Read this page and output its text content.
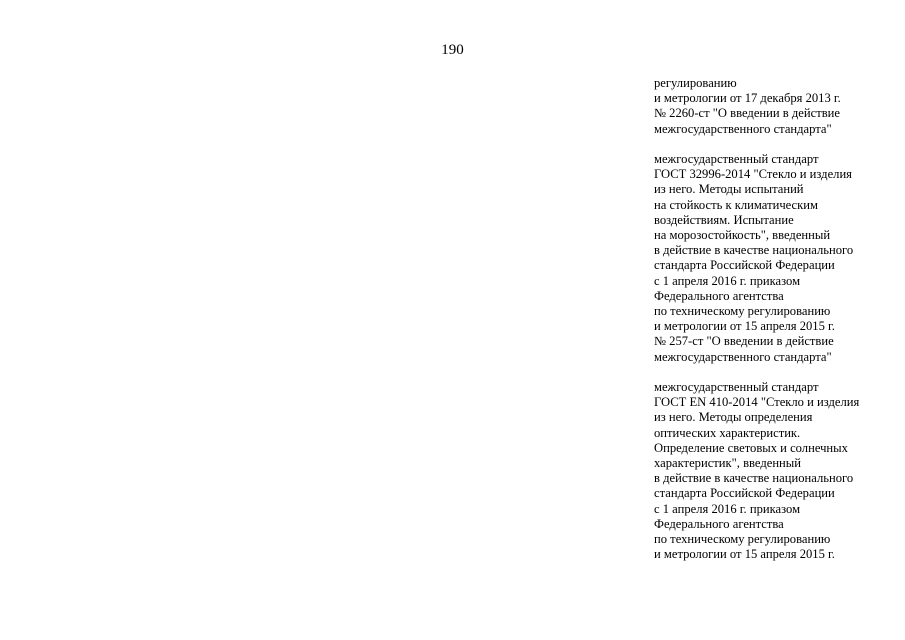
190

регулированию
и метрологии от 17 декабря 2013 г.
№ 2260-ст "О введении в действие
межгосударственного стандарта"

межгосударственный стандарт
ГОСТ 32996-2014 "Стекло и изделия
из него. Методы испытаний
на стойкость к климатическим
воздействиям. Испытание
на морозостойкость", введенный
в действие в качестве национального
стандарта Российской Федерации
с 1 апреля 2016 г. приказом
Федерального агентства
по техническому регулированию
и метрологии от 15 апреля 2015 г.
№ 257-ст "О введении в действие
межгосударственного стандарта"

межгосударственный стандарт
ГОСТ EN 410-2014 "Стекло и изделия
из него. Методы определения
оптических характеристик.
Определение световых и солнечных
характеристик", введенный
в действие в качестве национального
стандарта Российской Федерации
с 1 апреля 2016 г. приказом
Федерального агентства
по техническому регулированию
и метрологии от 15 апреля 2015 г.
